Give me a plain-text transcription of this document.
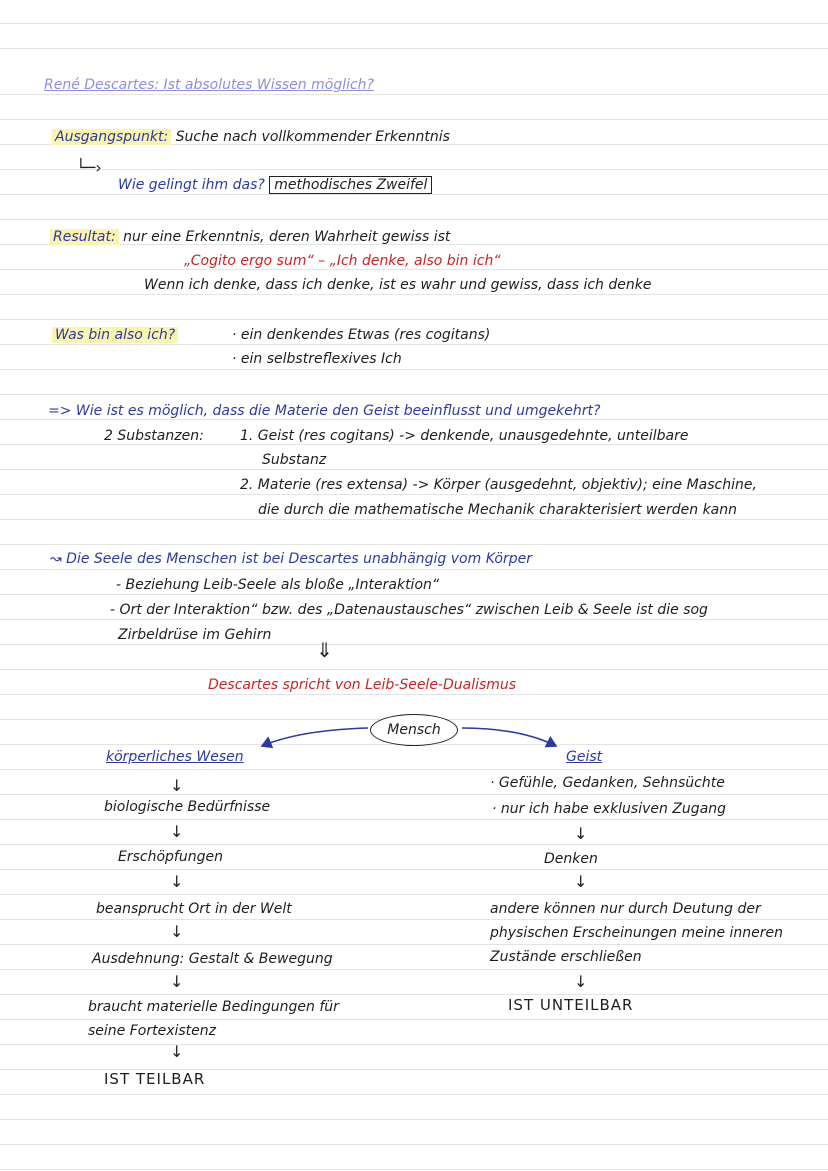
René Descartes: Ist absolutes Wissen möglich?
Ausgangspunkt: Suche nach vollkommender Erkenntnis
└─›
Wie gelingt ihm das? methodisches Zweifel
Resultat: nur eine Erkenntnis, deren Wahrheit gewiss ist
„Cogito ergo sum“ – „Ich denke, also bin ich“
Wenn ich denke, dass ich denke, ist es wahr und gewiss, dass ich denke
Was bin also ich?	· ein denkendes Etwas (res cogitans)
· ein selbstreflexives Ich
=> Wie ist es möglich, dass die Materie den Geist beeinflusst und umgekehrt?
2 Substanzen:	1. Geist (res cogitans) -> denkende, unausgedehnte, unteilbare
Substanz
2. Materie (res extensa) -> Körper (ausgedehnt, objektiv); eine Maschine,
die durch die mathematische Mechanik charakterisiert werden kann
↝ Die Seele des Menschen ist bei Descartes unabhängig vom Körper
- Beziehung Leib-Seele als bloße „Interaktion“
- Ort der Interaktion“ bzw. des „Datenaustausches“ zwischen Leib & Seele ist die sog
Zirbeldrüse im Gehirn
⇓
Descartes spricht von Leib-Seele-Dualismus
Mensch
körperliches Wesen
↓
biologische Bedürfnisse
↓
Erschöpfungen
↓
beansprucht Ort in der Welt
↓
Ausdehnung: Gestalt & Bewegung
↓
braucht materielle Bedingungen für
seine Fortexistenz
↓
IST TEILBAR
Geist
· Gefühle, Gedanken, Sehnsüchte
· nur ich habe exklusiven Zugang
↓
Denken
↓
andere können nur durch Deutung der
physischen Erscheinungen meine inneren
Zustände erschließen
↓
IST UNTEILBAR
